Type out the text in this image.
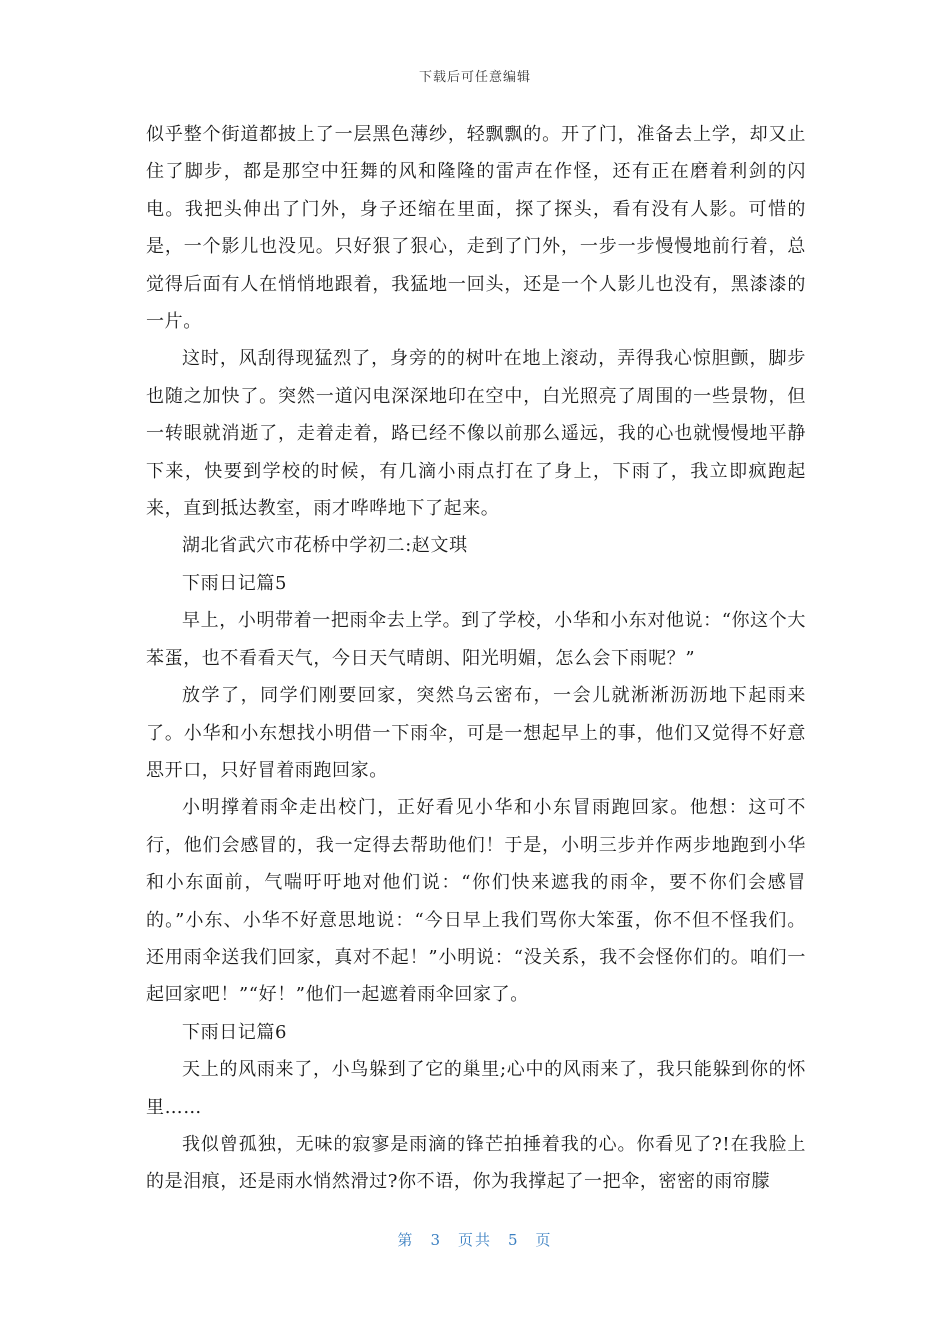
下载后可任意编辑

似乎整个街道都披上了一层黑色薄纱，轻飘飘的。开了门，准备去上学，却又止住了脚步，都是那空中狂舞的风和隆隆的雷声在作怪，还有正在磨着利剑的闪电。我把头伸出了门外，身子还缩在里面，探了探头，看有没有人影。可惜的是，一个影儿也没见。只好狠了狠心，走到了门外，一步一步慢慢地前行着，总觉得后面有人在悄悄地跟着，我猛地一回头，还是一个人影儿也没有，黑漆漆的一片。

这时，风刮得现猛烈了，身旁的的树叶在地上滚动，弄得我心惊胆颤，脚步也随之加快了。突然一道闪电深深地印在空中，白光照亮了周围的一些景物，但一转眼就消逝了，走着走着，路已经不像以前那么遥远，我的心也就慢慢地平静下来，快要到学校的时候，有几滴小雨点打在了身上，下雨了，我立即疯跑起来，直到抵达教室，雨才哗哗地下了起来。

湖北省武穴市花桥中学初二:赵文琪

下雨日记篇5

早上，小明带着一把雨伞去上学。到了学校，小华和小东对他说：“你这个大苯蛋，也不看看天气，今日天气晴朗、阳光明媚，怎么会下雨呢？”

放学了，同学们刚要回家，突然乌云密布，一会儿就淅淅沥沥地下起雨来了。小华和小东想找小明借一下雨伞，可是一想起早上的事，他们又觉得不好意思开口，只好冒着雨跑回家。

小明撑着雨伞走出校门，正好看见小华和小东冒雨跑回家。他想：这可不行，他们会感冒的，我一定得去帮助他们！于是，小明三步并作两步地跑到小华和小东面前，气喘吁吁地对他们说：“你们快来遮我的雨伞，要不你们会感冒的。”小东、小华不好意思地说：“今日早上我们骂你大笨蛋，你不但不怪我们。还用雨伞送我们回家，真对不起！”小明说：“没关系，我不会怪你们的。咱们一起回家吧！”“好！”他们一起遮着雨伞回家了。

下雨日记篇6

天上的风雨来了，小鸟躲到了它的巢里;心中的风雨来了，我只能躲到你的怀里……

我似曾孤独，无味的寂寥是雨滴的锋芒拍捶着我的心。你看见了?!在我脸上的是泪痕，还是雨水悄然滑过?你不语，你为我撑起了一把伞，密密的雨帘朦

第 3 页共 5 页
